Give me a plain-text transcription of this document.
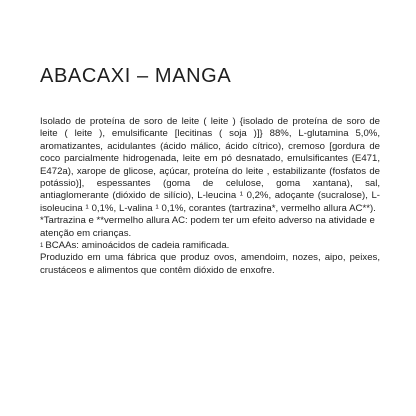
ABACAXI – MANGA

Isolado de proteína de soro de leite ( leite ) {isolado de proteína de soro de leite ( leite ), emulsificante [lecitinas ( soja )]} 88%, L-glutamina 5,0%, aromatizantes, acidulantes (ácido málico, ácido cítrico), cremoso [gordura de coco parcialmente hidrogenada, leite em pó desnatado, emulsificantes (E471, E472a), xarope de glicose, açúcar, proteína do leite , estabilizante (fosfatos de potássio)], espessantes (goma de celulose, goma xantana), sal, antiaglomerante (dióxido de silício), L-leucina ¹ 0,2%, adoçante (sucralose), L-isoleucina ¹ 0,1%, L-valina ¹ 0,1%, corantes (tartrazina*, vermelho allura AC**).

*Tartrazina e **vermelho allura AC: podem ter um efeito adverso na atividade e atenção em crianças.

1 BCAAs: aminoácidos de cadeia ramificada.

Produzido em uma fábrica que produz ovos, amendoim, nozes, aipo, peixes, crustáceos e alimentos que contêm dióxido de enxofre.
